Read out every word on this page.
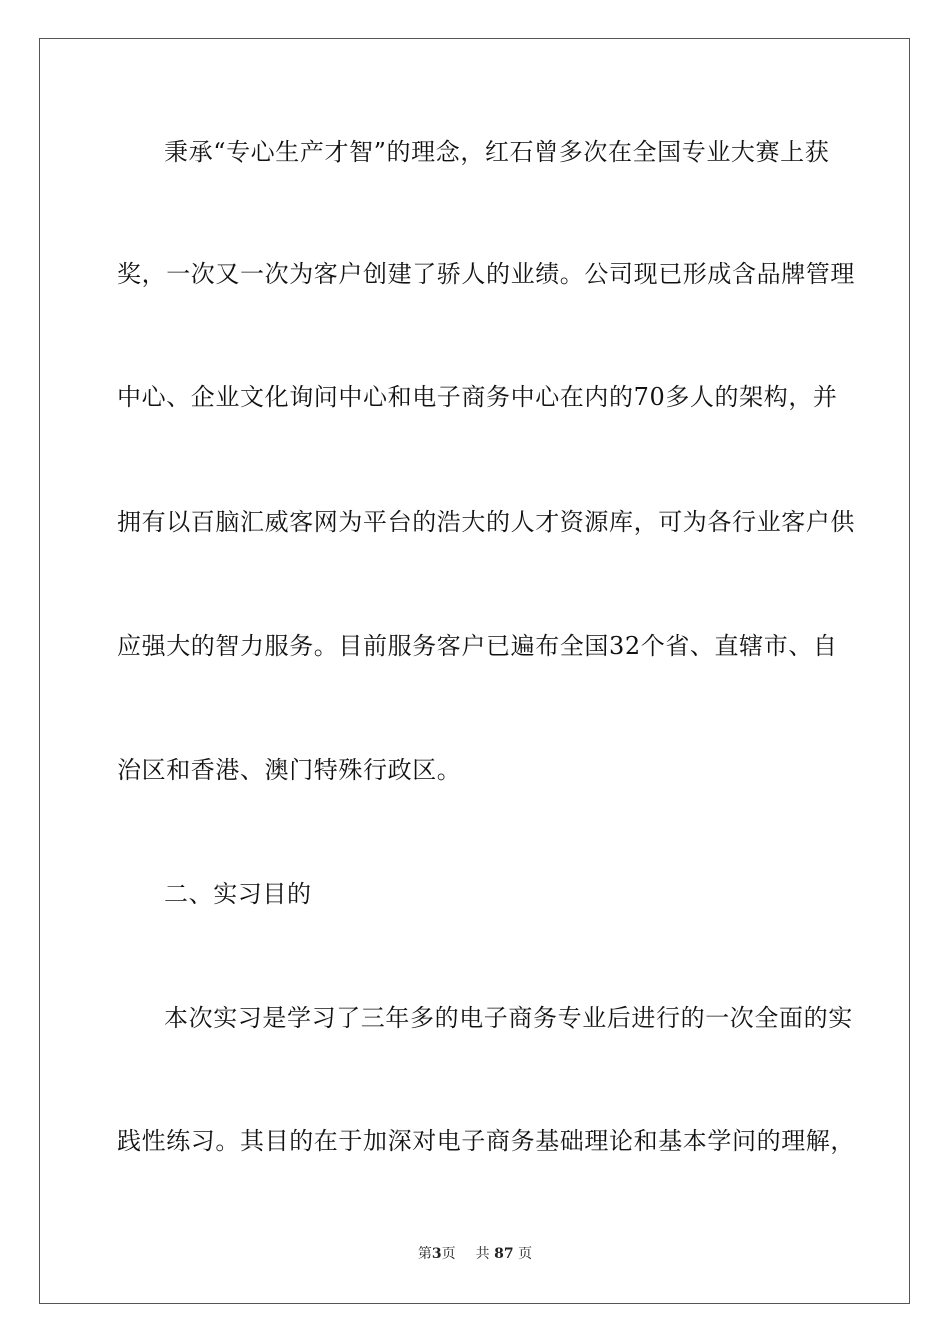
秉承“专心生产才智”的理念，红石曾多次在全国专业大赛上获
奖，一次又一次为客户创建了骄人的业绩。公司现已形成含品牌管理
中心、企业文化询问中心和电子商务中心在内的70多人的架构，并
拥有以百脑汇威客网为平台的浩大的人才资源库，可为各行业客户供
应强大的智力服务。目前服务客户已遍布全国32个省、直辖市、自
治区和香港、澳门特殊行政区。
二、实习目的
本次实习是学习了三年多的电子商务专业后进行的一次全面的实
践性练习。其目的在于加深对电子商务基础理论和基本学问的理解，
第3页 共 87 页
